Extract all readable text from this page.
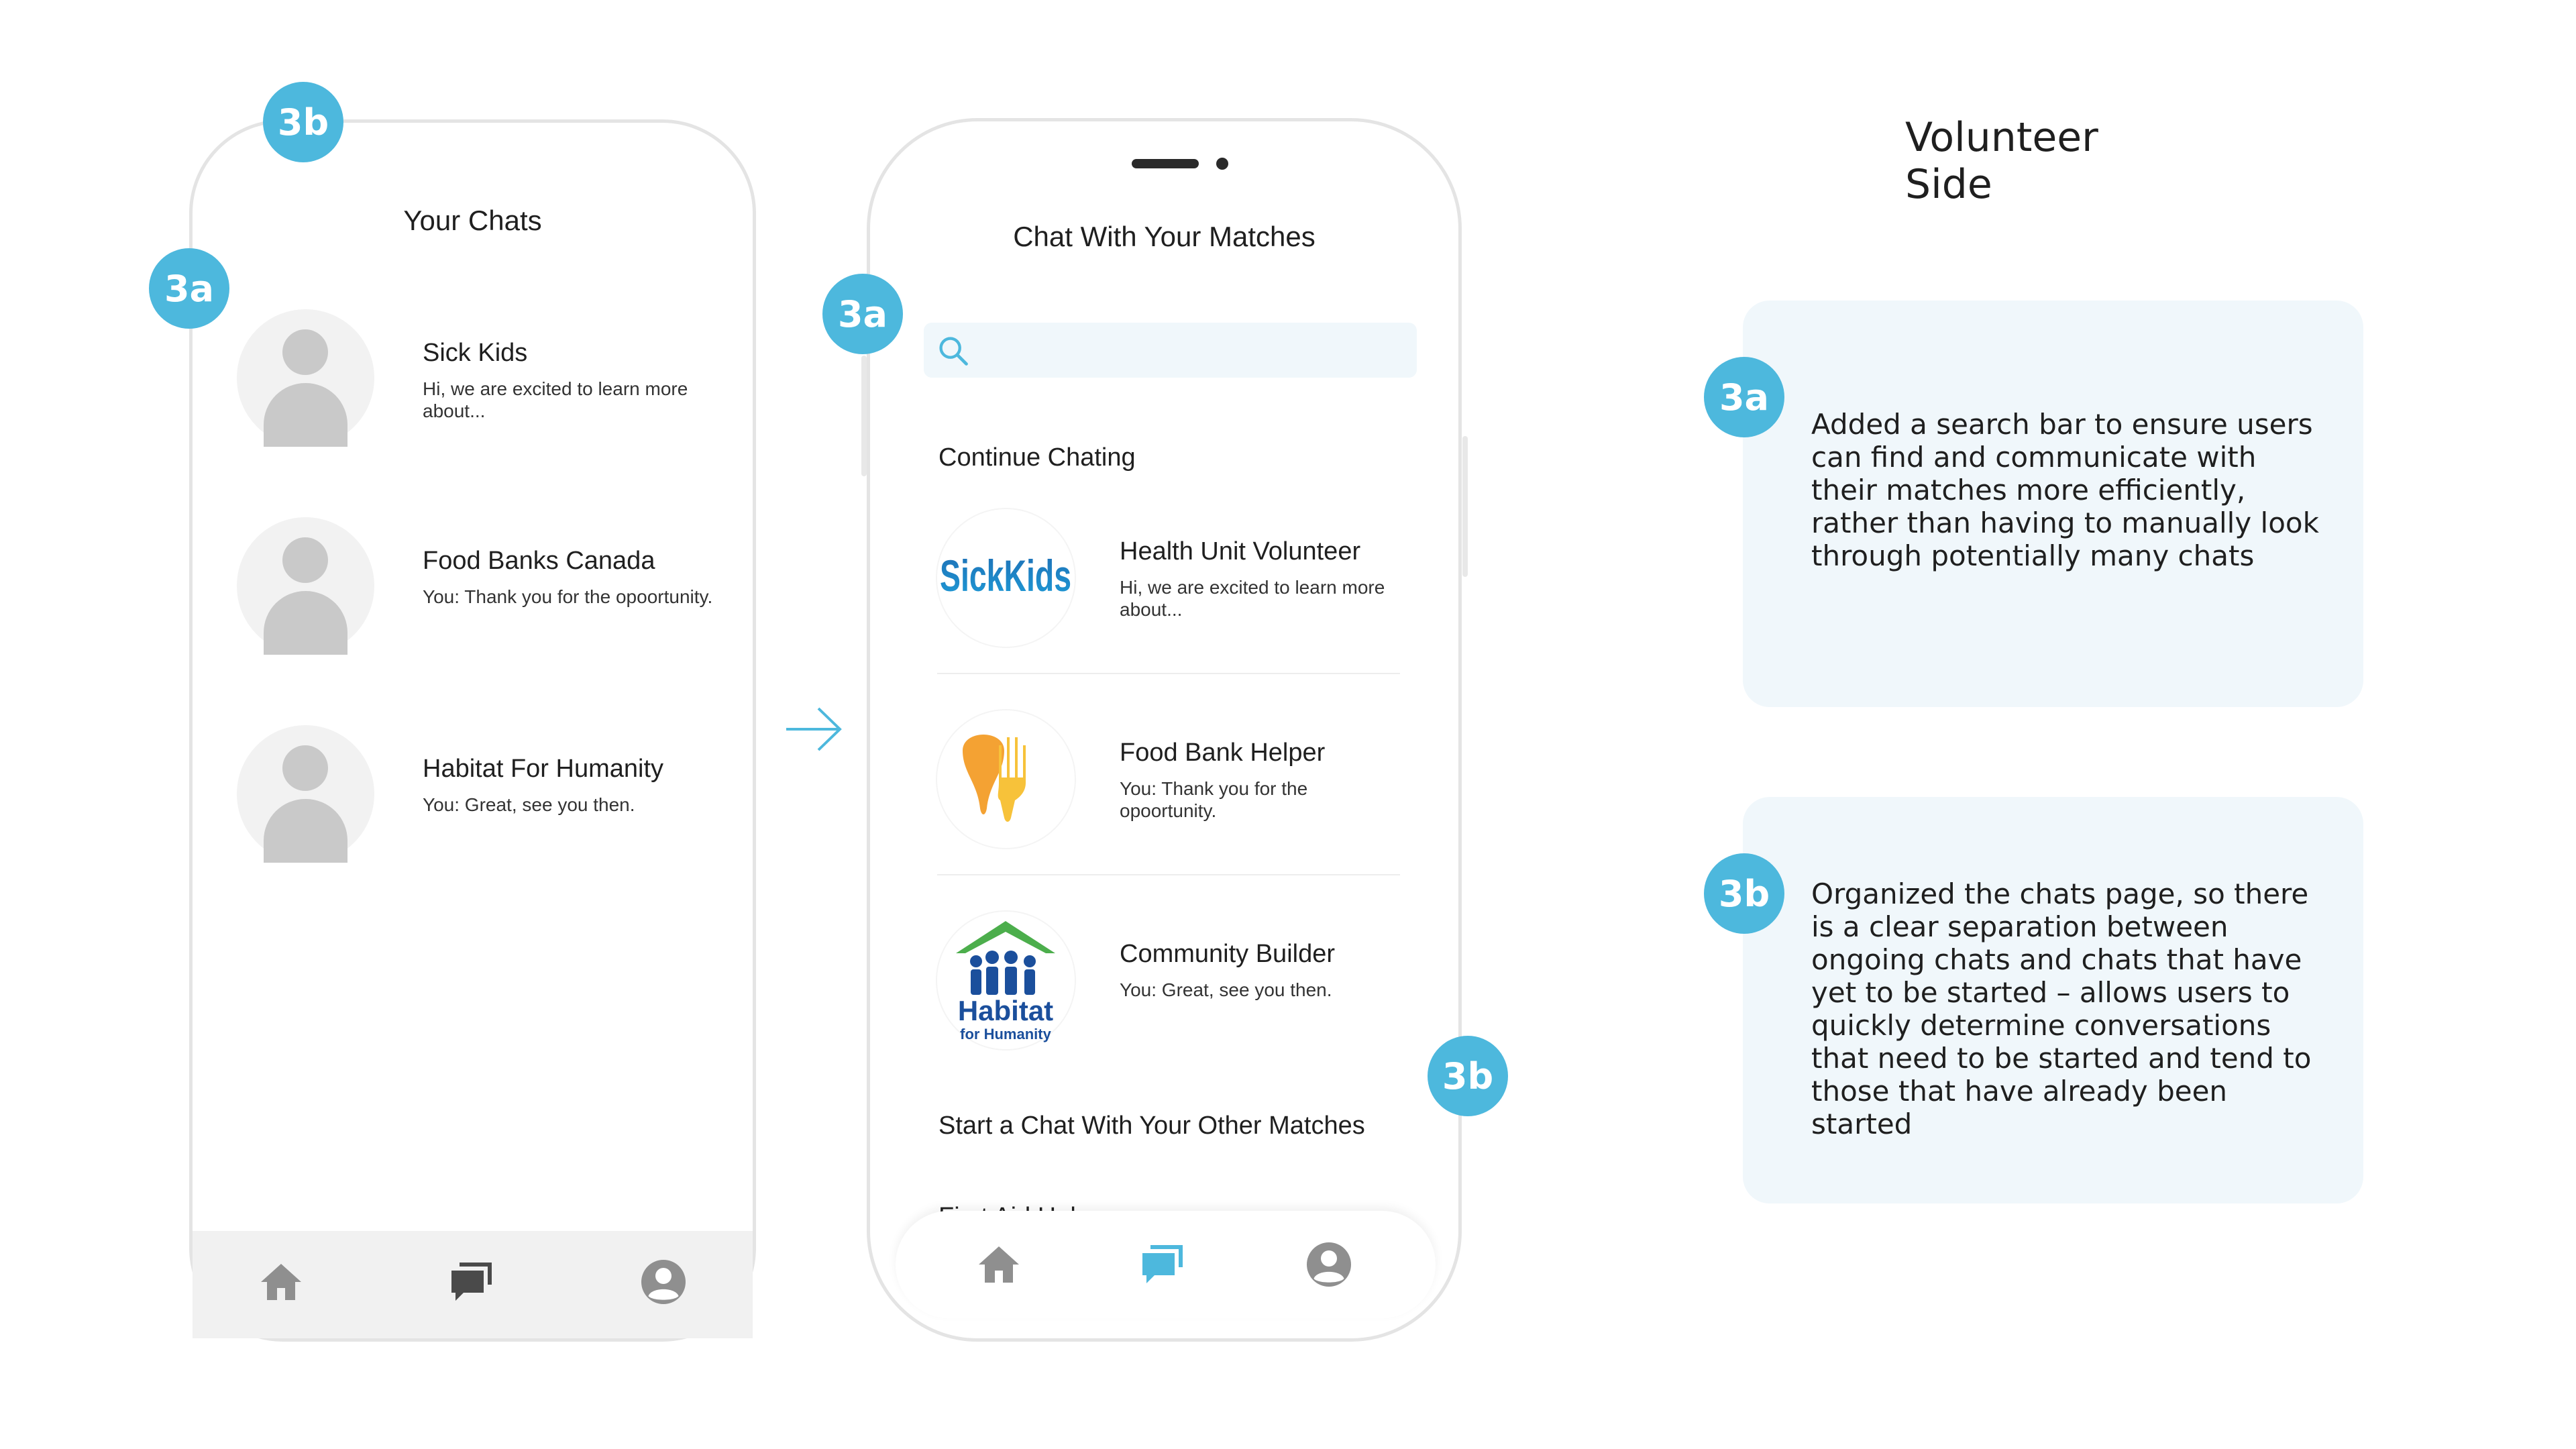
Your Chats
Sick Kids
Hi, we are excited to learn more about...
Food Banks Canada
You: Thank you for the opoortunity.
Habitat For Humanity
You: Great, see you then.
Chat With Your Matches
Continue Chating
SickKids Health Unit Volunteer
Hi, we are excited to learn more about...
Food Bank Helper
You: Thank you for the opoortunity.
Habitat
for Humanity
Community Builder
You: Great, see you then.
Start a Chat With Your Other Matches
3b
3a
3a
3b
Volunteer Side
3a
Added a search bar to ensure users can find and communicate with their matches more efficiently, rather than having to manually look through potentially many chats
3b	Organized the chats page, so there is a clear separation between ongoing chats and chats that have yet to be started – allows users to quickly determine conversations that need to be started and tend to those that have already been started
